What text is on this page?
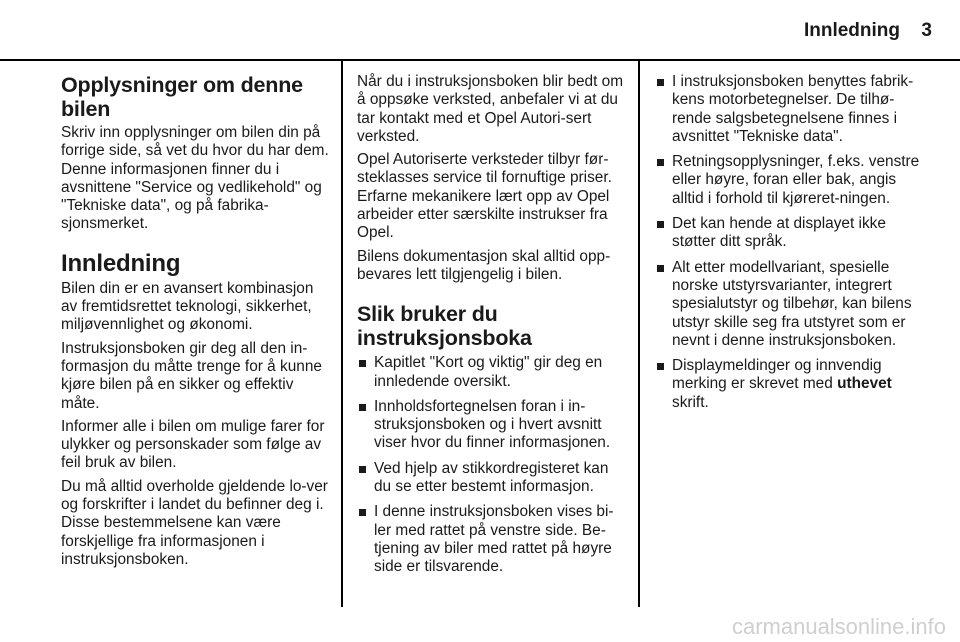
Innledning	3
Opplysninger om denne bilen

Skriv inn opplysninger om bilen din på forrige side, så vet du hvor du har dem. Denne informasjonen finner du i avsnittene "Service og vedlikehold" og "Tekniske data", og på fabrika-sjonsmerket.

Innledning

Bilen din er en avansert kombinasjon av fremtidsrettet teknologi, sikkerhet, miljøvennlighet og økonomi.

Instruksjonsboken gir deg all den in-formasjon du måtte trenge for å kunne kjøre bilen på en sikker og effektiv måte.

Informer alle i bilen om mulige farer for ulykker og personskader som følge av feil bruk av bilen.

Du må alltid overholde gjeldende lo-ver og forskrifter i landet du befinner deg i. Disse bestemmelsene kan være forskjellige fra informasjonen i instruksjonsboken.

Når du i instruksjonsboken blir bedt om å oppsøke verksted, anbefaler vi at du tar kontakt med et Opel Autori-sert verksted.

Opel Autoriserte verksteder tilbyr før-steklasses service til fornuftige priser. Erfarne mekanikere lært opp av Opel arbeider etter særskilte instrukser fra Opel.

Bilens dokumentasjon skal alltid opp-bevares lett tilgjengelig i bilen.

Slik bruker du instruksjonsboka
Kapitlet "Kort og viktig" gir deg en innledende oversikt.
Innholdsfortegnelsen foran i in-struksjonsboken og i hvert avsnitt viser hvor du finner informasjonen.
Ved hjelp av stikkordregisteret kan du se etter bestemt informasjon.
I denne instruksjonsboken vises bi-ler med rattet på venstre side. Be-tjening av biler med rattet på høyre side er tilsvarende.
I instruksjonsboken benyttes fabrik-kens motorbetegnelser. De tilhø-rende salgsbetegnelsene finnes i avsnittet "Tekniske data".
Retningsopplysninger, f.eks. venstre eller høyre, foran eller bak, angis alltid i forhold til kjøreret-ningen.
Det kan hende at displayet ikke støtter ditt språk.
Alt etter modellvariant, spesielle norske utstyrsvarianter, integrert spesialutstyr og tilbehør, kan bilens utstyr skille seg fra utstyret som er nevnt i denne instruksjonsboken.
Displaymeldinger og innvendig merking er skrevet med uthevet skrift.
carmanualsonline.info
